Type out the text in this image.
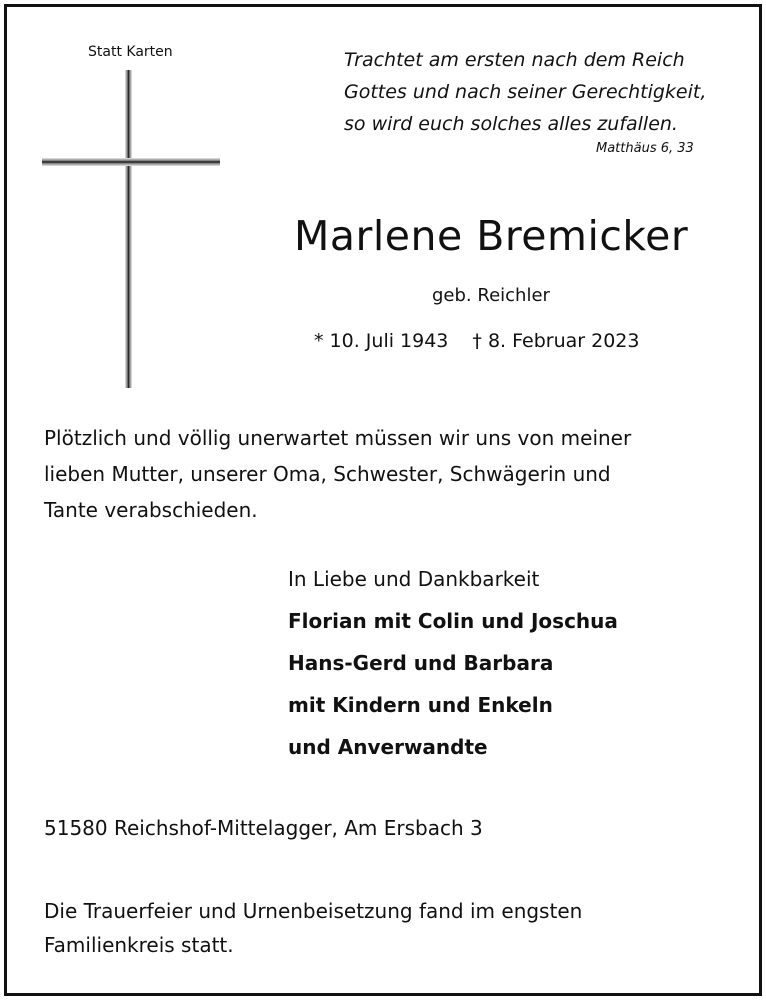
Statt Karten	Trachtet am ersten nach dem Reich
Gottes und nach seiner Gerechtigkeit,
so wird euch solches alles zufallen.
Matthäus 6, 33
Marlene Bremicker
geb. Reichler
* 10. Juli 1943 † 8. Februar 2023
Plötzlich und völlig unerwartet müssen wir uns von meiner
lieben Mutter, unserer Oma, Schwester, Schwägerin und
Tante verabschieden.
In Liebe und Dankbarkeit
Florian mit Colin und Joschua
Hans-Gerd und Barbara
mit Kindern und Enkeln
und Anverwandte
51580 Reichshof-Mittelagger, Am Ersbach 3
Die Trauerfeier und Urnenbeisetzung fand im engsten
Familienkreis statt.
